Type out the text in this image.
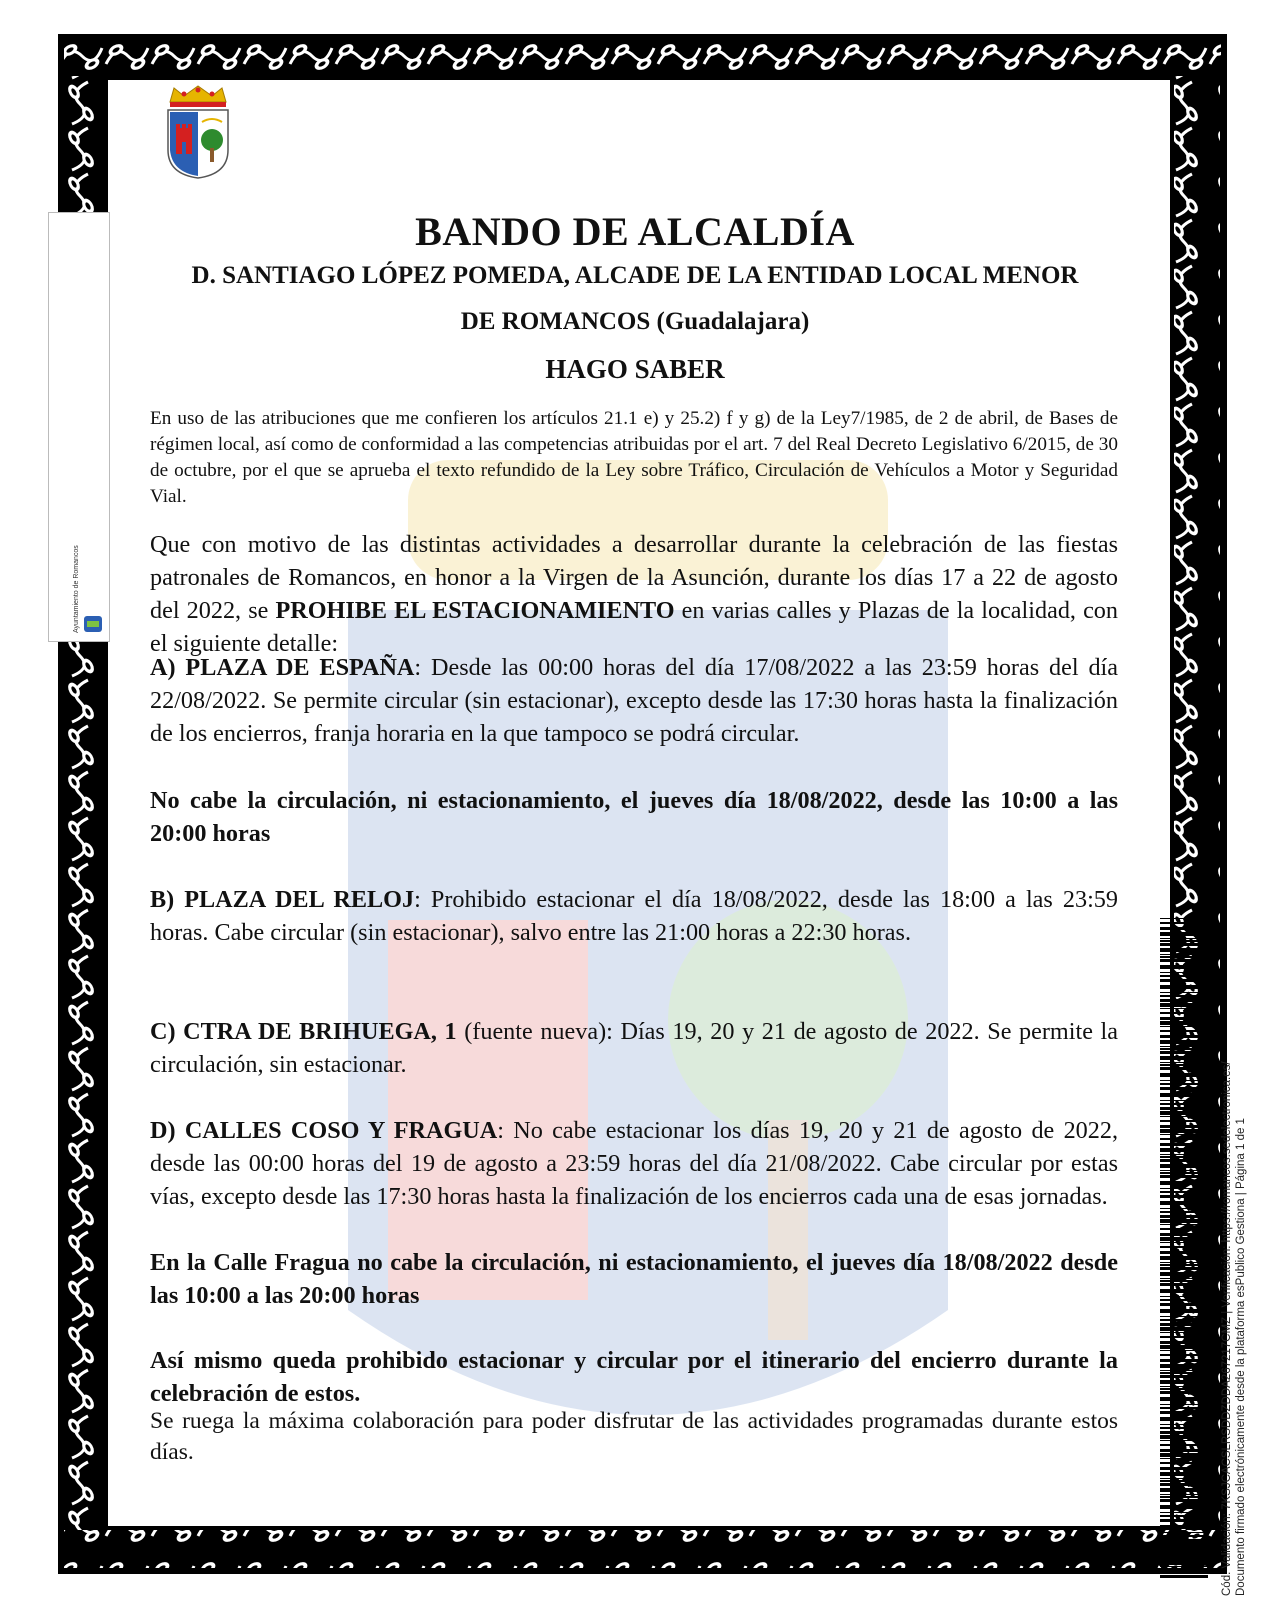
BANDO DE ALCALDÍA
D. SANTIAGO LÓPEZ POMEDA, ALCADE DE LA ENTIDAD LOCAL MENOR
DE ROMANCOS (Guadalajara)
HAGO SABER
En uso de las atribuciones que me confieren los artículos 21.1 e) y 25.2) f y g) de la Ley7/1985, de 2 de abril, de Bases de régimen local, así como de conformidad a las competencias atribuidas por el art. 7 del Real Decreto Legislativo 6/2015, de 30 de octubre, por el que se aprueba el texto refundido de la Ley sobre Tráfico, Circulación de Vehículos a Motor y Seguridad Vial.
Que con motivo de las distintas actividades a desarrollar durante la celebración de las fiestas patronales de Romancos, en honor a la Virgen de la Asunción, durante los días 17 a 22 de agosto del 2022, se PROHIBE EL ESTACIONAMIENTO en varias calles y Plazas de la localidad, con el siguiente detalle:
A) PLAZA DE ESPAÑA: Desde las 00:00 horas del día 17/08/2022 a las 23:59 horas del día 22/08/2022. Se permite circular (sin estacionar), excepto desde las 17:30 horas hasta la finalización de los encierros, franja horaria en la que tampoco se podrá circular.
No cabe la circulación, ni estacionamiento, el jueves día 18/08/2022, desde las 10:00 a las 20:00 horas
B) PLAZA DEL RELOJ: Prohibido estacionar el día 18/08/2022, desde las 18:00 a las 23:59 horas. Cabe circular (sin estacionar), salvo entre las 21:00 horas a 22:30 horas.
C) CTRA DE BRIHUEGA, 1 (fuente nueva): Días 19, 20 y 21 de agosto de 2022. Se permite la circulación, sin estacionar.
D) CALLES COSO Y FRAGUA: No cabe estacionar los días 19, 20 y 21 de agosto de 2022, desde las 00:00 horas del 19 de agosto a 23:59 horas del día 21/08/2022. Cabe circular por estas vías, excepto desde las 17:30 horas hasta la finalización de los encierros cada una de esas jornadas.
En la Calle Fragua no cabe la circulación, ni estacionamiento, el jueves día 18/08/2022 desde las 10:00 a las 20:00 horas
Así mismo queda prohibido estacionar y circular por el itinerario del encierro durante la celebración de estos.
Se ruega la máxima colaboración para poder disfrutar de las actividades programadas durante estos días.
Ayuntamiento de Romancos
Cód. Validación: 7KSJCACSLRSDDZDDA267217CMZ | Verificación: https://romancos.sedelectronica.es/ Documento firmado electrónicamente desde la plataforma esPublico Gestiona | Página 1 de 1
